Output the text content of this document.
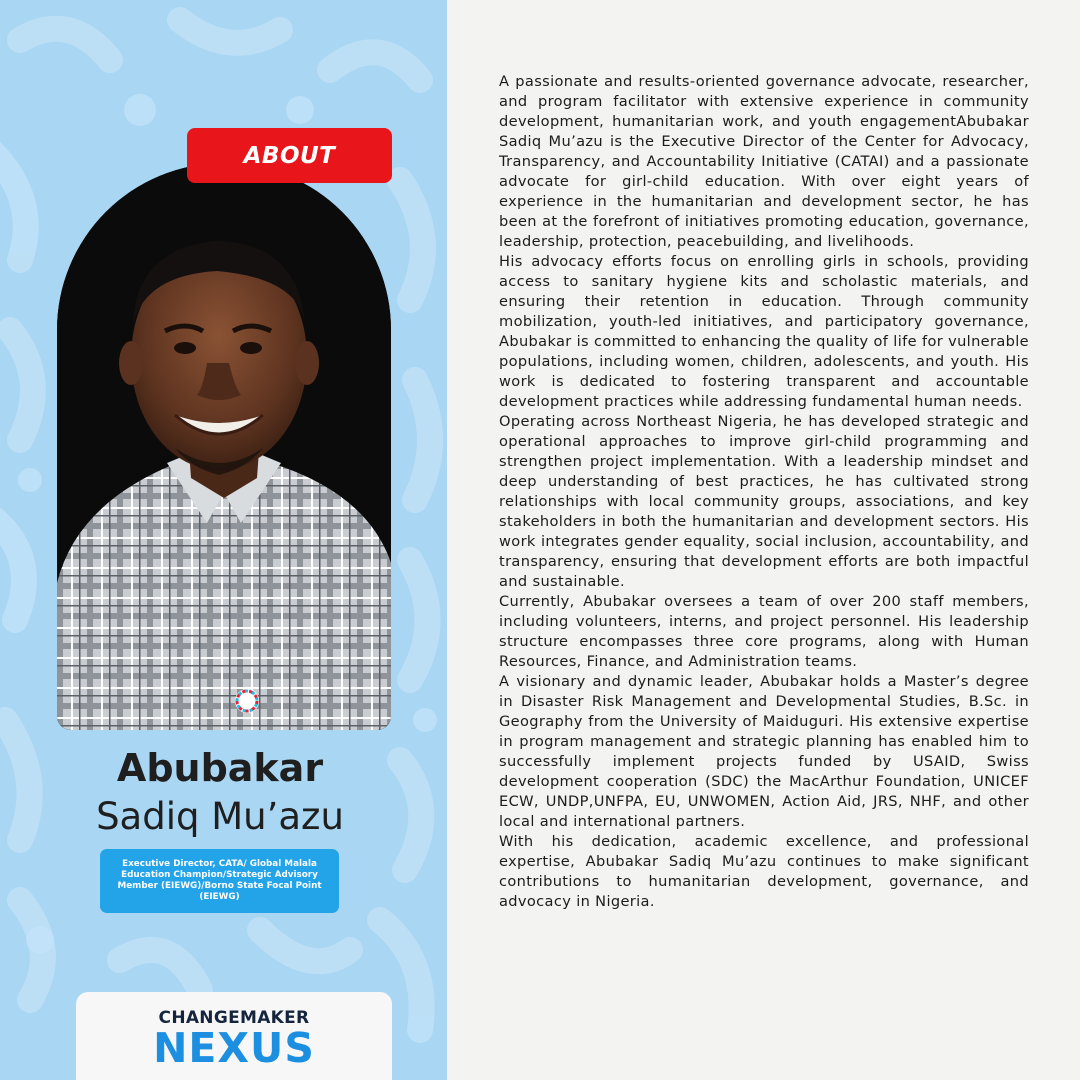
ABOUT
Abubakar
Sadiq Mu’azu
Executive Director, CATA/ Global Malala Education Champion/Strategic Advisory Member (EIEWG)/Borno State Focal Point (EIEWG)
CHANGEMAKER
NEXUS

A passionate and results-oriented governance advocate, researcher, and program facilitator with extensive experience in community development, humanitarian work, and youth engagementAbubakar Sadiq Mu’azu is the Executive Director of the Center for Advocacy, Transparency, and Accountability Initiative (CATAI) and a passionate advocate for girl-child education. With over eight years of experience in the humanitarian and development sector, he has been at the forefront of initiatives promoting education, governance, leadership, protection, peacebuilding, and livelihoods.

His advocacy efforts focus on enrolling girls in schools, providing access to sanitary hygiene kits and scholastic materials, and ensuring their retention in education. Through community mobilization, youth-led initiatives, and participatory governance, Abubakar is committed to enhancing the quality of life for vulnerable populations, including women, children, adolescents, and youth. His work is dedicated to fostering transparent and accountable development practices while addressing fundamental human needs.

Operating across Northeast Nigeria, he has developed strategic and operational approaches to improve girl-child programming and strengthen project implementation. With a leadership mindset and deep understanding of best practices, he has cultivated strong relationships with local community groups, associations, and key stakeholders in both the humanitarian and development sectors. His work integrates gender equality, social inclusion, accountability, and transparency, ensuring that development efforts are both impactful and sustainable.

Currently, Abubakar oversees a team of over 200 staff members, including volunteers, interns, and project personnel. His leadership structure encompasses three core programs, along with Human Resources, Finance, and Administration teams.

A visionary and dynamic leader, Abubakar holds a Master’s degree in Disaster Risk Management and Developmental Studies, B.Sc. in Geography from the University of Maiduguri. His extensive expertise in program management and strategic planning has enabled him to successfully implement projects funded by USAID, Swiss development cooperation (SDC) the MacArthur Foundation, UNICEF ECW, UNDP,UNFPA, EU, UNWOMEN, Action Aid, JRS, NHF, and other local and international partners.

With his dedication, academic excellence, and professional expertise, Abubakar Sadiq Mu’azu continues to make significant contributions to humanitarian development, governance, and advocacy in Nigeria.
